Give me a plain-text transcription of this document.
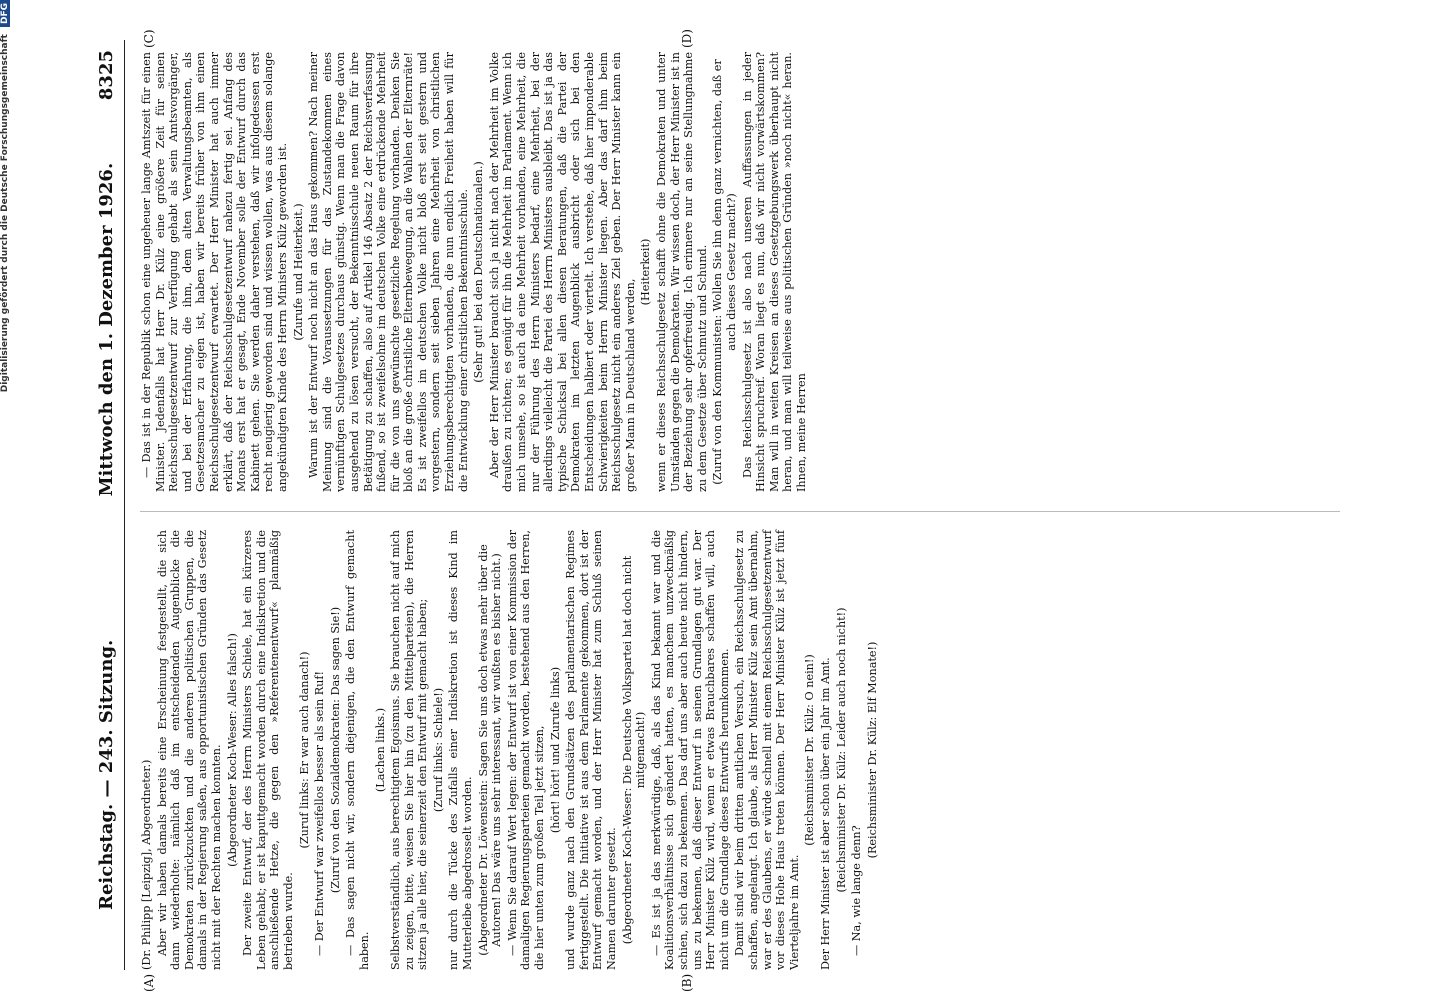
Digitalisierung gefördert durch die Deutsche Forschungsgemeinschaft DFG
Reichstag. — 243. Sitzung.
Mittwoch den 1. Dezember 1926.          8325
(A)	(B)
(C)	(D)

(Dr. Philipp [Leipzig], Abgeordneter.) Aber wir haben damals bereits eine Erscheinung festgestellt, die sich dann wiederholte: nämlich daß im entscheidenden Augenblicke die Demokraten zurückzuckten und die anderen politischen Gruppen, die damals in der Regierung saßen, aus opportunistischen Gründen das Gesetz nicht mit der Rechten machen konnten. (Abgeordneter Koch-Weser: Alles falsch!) Der zweite Entwurf, der des Herrn Ministers Schiele, hat ein kürzeres Leben gehabt; er ist kaputtgemacht worden durch eine Indiskretion und die anschließende Hetze, die gegen den »Referentenentwurf« planmäßig betrieben wurde.

(Zuruf links: Er war auch danach!) — Der Entwurf war zweifellos besser als sein Ruf! (Zuruf von den Sozialdemokraten: Das sagen Sie!) — Das sagen nicht wir, sondern diejenigen, die den Entwurf gemacht haben.

(Lachen links.) Selbstverständlich, aus berechtigtem Egoismus. Sie brauchen nicht auf mich zu zeigen, bitte, weisen Sie hier hin (zu den Mittelparteien), die Herren sitzen ja alle hier, die seinerzeit den Entwurf mit gemacht haben; (Zuruf links: Schiele!) nur durch die Tücke des Zufalls einer Indiskretion ist dieses Kind im Mutterleibe abgedrosselt worden. (Abgeordneter Dr. Löwenstein: Sagen Sie uns doch etwas mehr über die Autoren! Das wäre uns sehr interessant, wir wußten es bisher nicht.) — Wenn Sie darauf Wert legen: der Entwurf ist von einer Kommission der damaligen Regierungsparteien gemacht worden, bestehend aus den Herren, die hier unten zum großen Teil jetzt sitzen, (hört! hört! und Zurufe links) und wurde ganz nach den Grundsätzen des parlamentarischen Regimes fertiggestellt. Die Initiative ist aus dem Parlamente gekommen, dort ist der Entwurf gemacht worden, und der Herr Minister hat zum Schluß seinen Namen darunter gesetzt. (Abgeordneter Koch-Weser: Die Deutsche Volkspartei hat doch nicht mitgemacht!) — Es ist ja das merkwürdige, daß, als das Kind bekannt war und die Koalitionsverhältnisse sich geändert hatten, es manchem unzweckmäßig schien, sich dazu zu bekennen. Das darf uns aber auch heute nicht hindern, uns zu bekennen, daß dieser Entwurf in seinen Grundlagen gut war. Der Herr Minister Külz wird, wenn er etwas Brauchbares schaffen will, auch nicht um die Grundlage dieses Entwurfs herumkommen. Damit sind wir beim dritten amtlichen Versuch, ein Reichsschulgesetz zu schaffen, angelangt. Ich glaube, als Herr Minister Külz sein Amt übernahm, war er des Glaubens, er würde schnell mit einem Reichsschulgesetzentwurf vor dieses Hohe Haus treten können. Der Herr Minister Külz ist jetzt fünf Vierteljahre im Amt.

(Reichsminister Dr. Külz: O nein!) Der Herr Minister ist aber schon über ein Jahr im Amt. (Reichsminister Dr. Külz: Leider auch noch nicht!) — Na, wie lange denn?

(Reichsminister Dr. Külz: Elf Monate!)

— Das ist in der Republik schon eine ungeheuer lange Amtszeit für einen Minister. Jedenfalls hat Herr Dr. Külz eine größere Zeit für seinen Reichsschulgesetzentwurf zur Verfügung gehabt als sein Amtsvorgänger, und bei der Erfahrung, die ihm, dem alten Verwaltungsbeamten, als Gesetzesmacher zu eigen ist, haben wir bereits früher von ihm einen Reichsschulgesetzentwurf erwartet. Der Herr Minister hat auch immer erklärt, daß der Reichsschulgesetzentwurf nahezu fertig sei. Anfang des Monats erst hat er gesagt, Ende November solle der Entwurf durch das Kabinett gehen. Sie werden daher verstehen, daß wir infolgedessen erst recht neugierig geworden sind und wissen wollen, was aus diesem solange angekündigten Kinde des Herrn Ministers Külz geworden ist. (Zurufe und Heiterkeit.) Warum ist der Entwurf noch nicht an das Haus gekommen? Nach meiner Meinung sind die Voraussetzungen für das Zustandekommen eines vernünftigen Schulgesetzes durchaus günstig. Wenn man die Frage davon ausgehend zu lösen versucht, der Bekenntnisschule neuen Raum für ihre Betätigung zu schaffen, also auf Artikel 146 Absatz 2 der Reichsverfassung fußend, so ist zweifelsohne im deutschen Volke eine erdrückende Mehrheit für die von uns gewünschte gesetzliche Regelung vorhanden. Denken Sie bloß an die große christliche Elternbewegung, an die Wahlen der Elternräte! Es ist zweifellos im deutschen Volke nicht bloß erst seit gestern und vorgestern, sondern seit sieben Jahren eine Mehrheit von christlichen Erziehungsberechtigten vorhanden, die nun endlich Freiheit haben will für die Entwicklung einer christlichen Bekenntnisschule. (Sehr gut! bei den Deutschnationalen.) Aber der Herr Minister braucht sich ja nicht nach der Mehrheit im Volke draußen zu richten; es genügt für ihn die Mehrheit im Parlament. Wenn ich mich umsehe, so ist auch da eine Mehrheit vorhanden, eine Mehrheit, die nur der Führung des Herrn Ministers bedarf, eine Mehrheit, bei der allerdings vielleicht die Partei des Herrn Ministers ausbleibt. Das ist ja das typische Schicksal bei allen diesen Beratungen, daß die Partei der Demokraten im letzten Augenblick ausbricht oder sich bei den Entscheidungen halbiert oder viertelt. Ich verstehe, daß hier imponderable Schwierigkeiten beim Herrn Minister liegen. Aber das darf ihm beim Reichsschulgesetz nicht ein anderes Ziel geben. Der Herr Minister kann ein großer Mann in Deutschland werden,

(Heiterkeit) wenn er dieses Reichsschulgesetz schafft ohne die Demokraten und unter Umständen gegen die Demokraten. Wir wissen doch, der Herr Minister ist in der Beziehung sehr opferfreudig. Ich erinnere nur an seine Stellungnahme zu dem Gesetze über Schmutz und Schund. (Zuruf von den Kommunisten: Wollen Sie ihn denn ganz vernichten, daß er auch dieses Gesetz macht?) Das Reichsschulgesetz ist also nach unseren Auffassungen in jeder Hinsicht spruchreif. Woran liegt es nun, daß wir nicht vorwärtskommen? Man will in weiten Kreisen an dieses Gesetzgebungswerk überhaupt nicht heran, und man will teilweise aus politischen Gründen »noch nicht« heran. Ihnen, meine Herren
